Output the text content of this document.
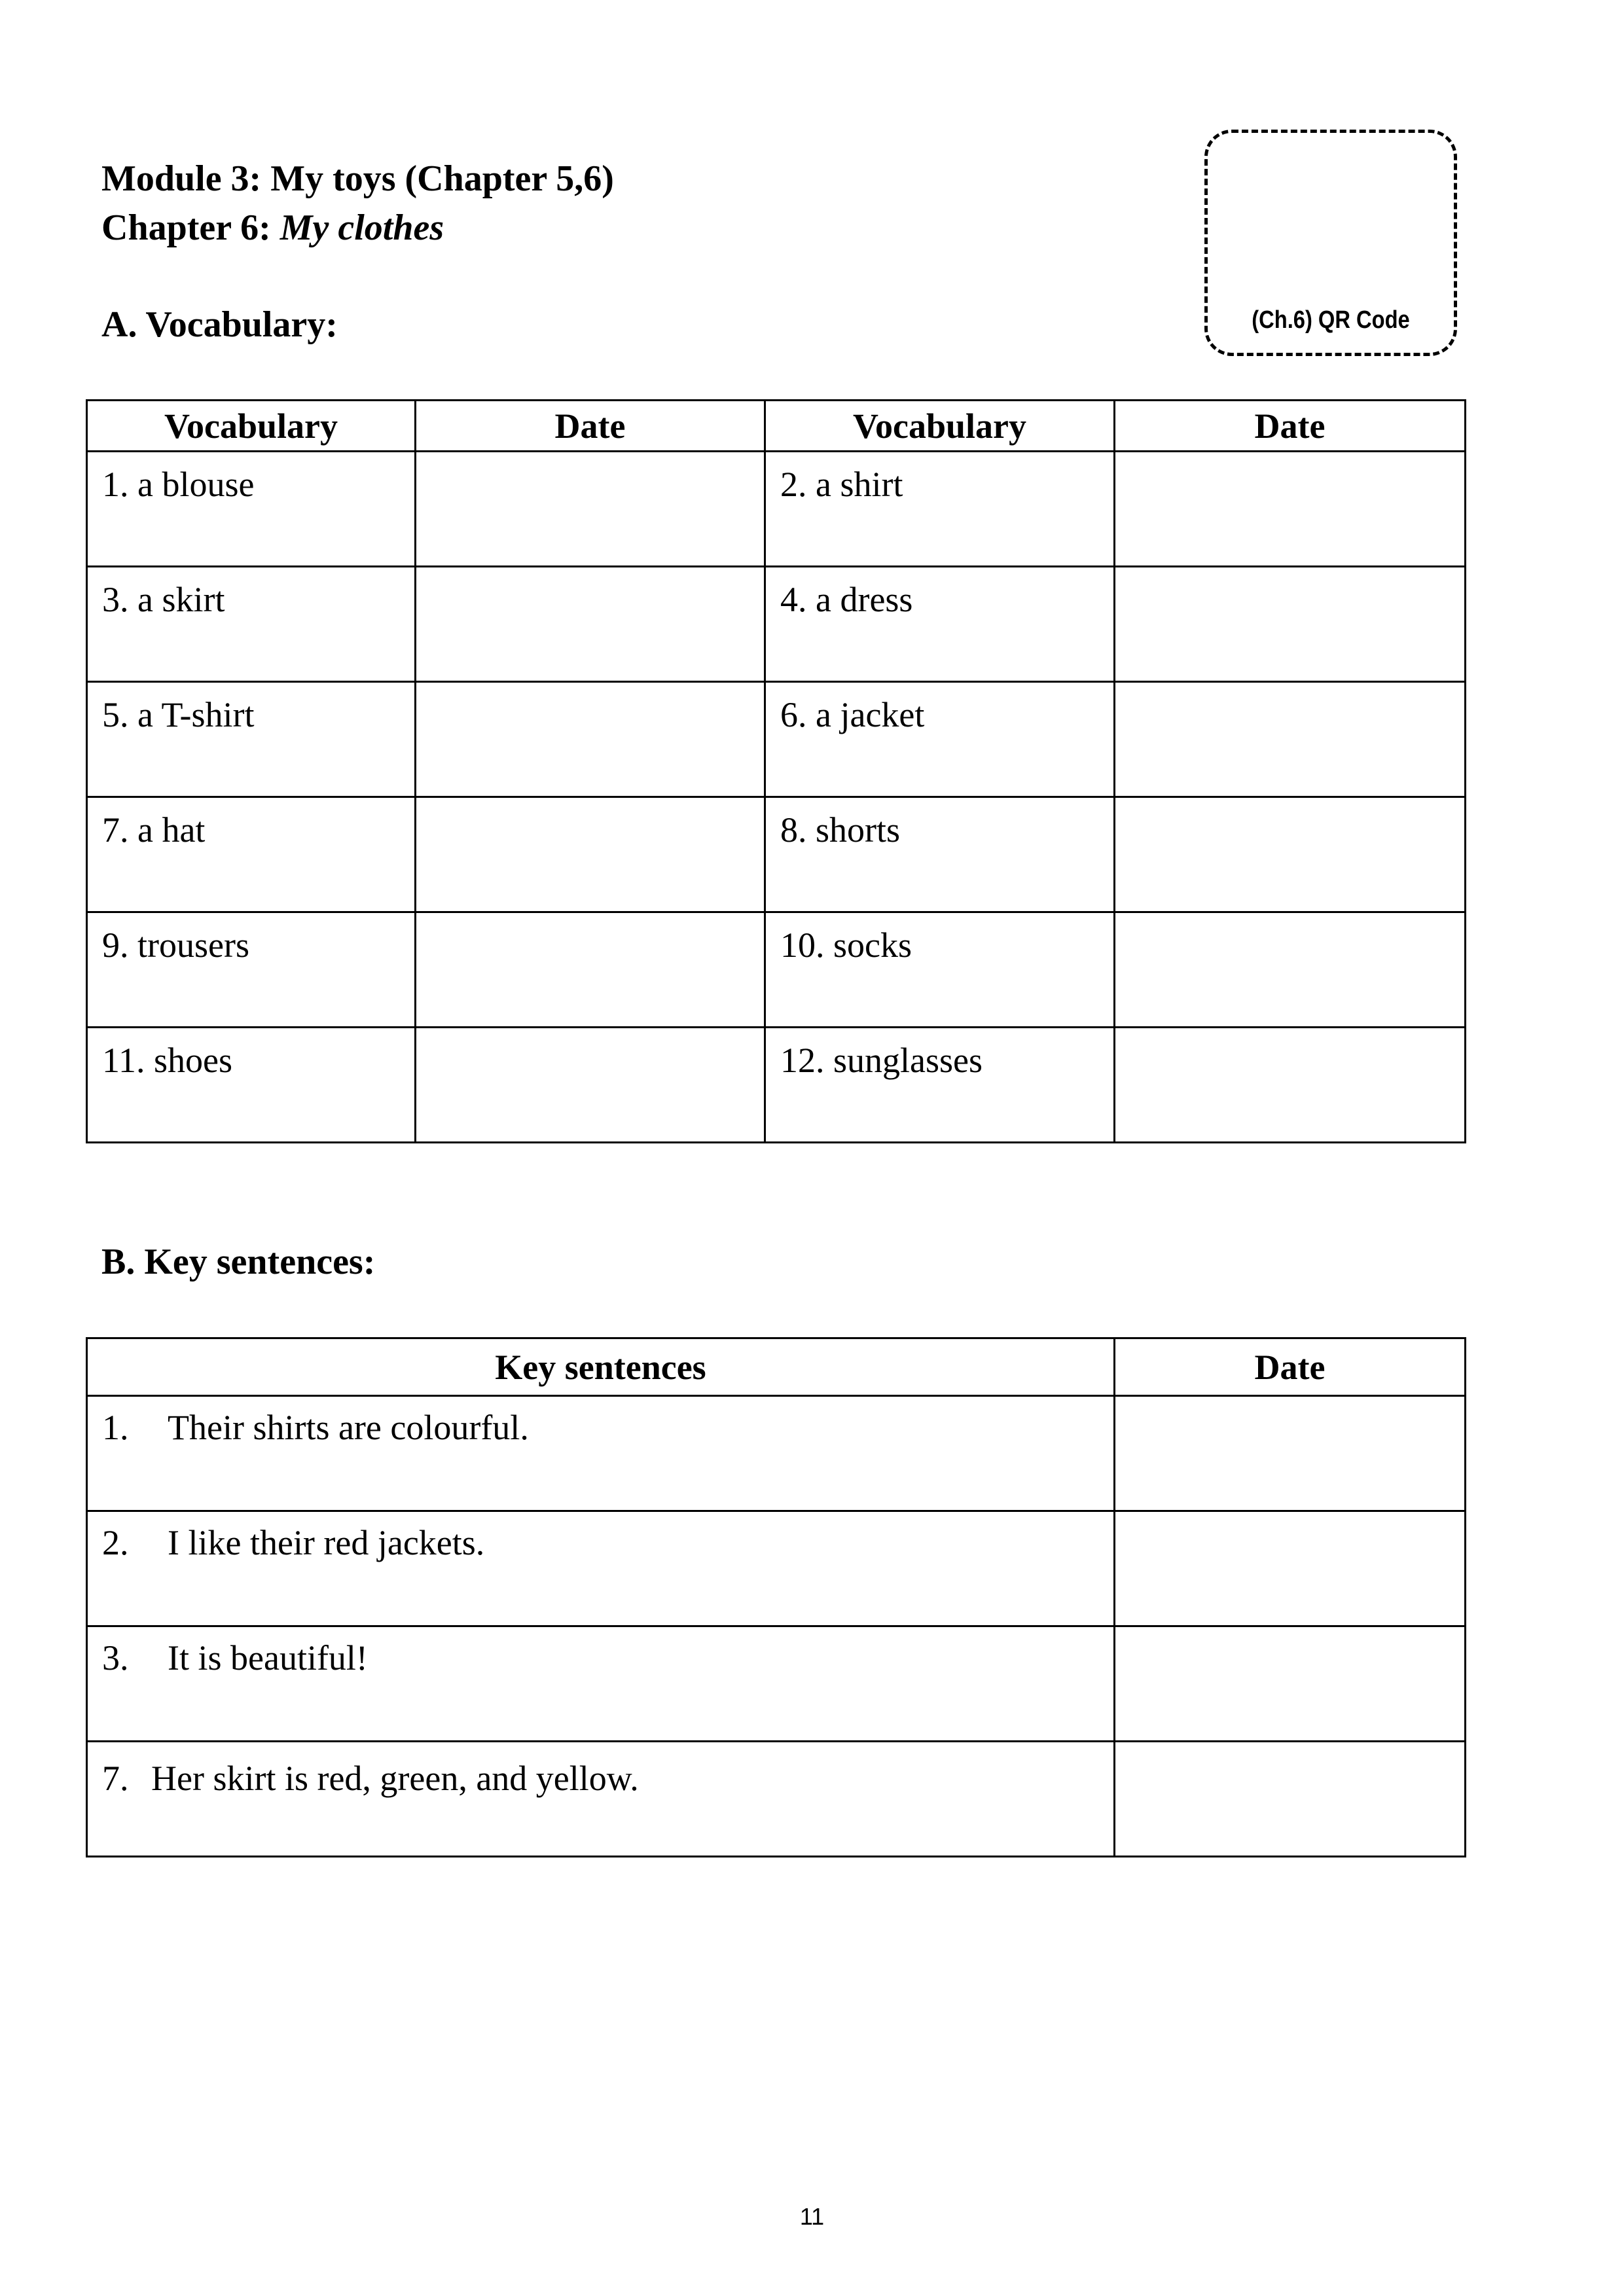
Module 3: My toys (Chapter 5,6)
Chapter 6: My clothes
A. Vocabulary:	(Ch.6) QR Code
Vocabulary	Date	Vocabulary	Date

1. a blouse		2. a shirt	

3. a skirt		4. a dress	

5. a T-shirt		6. a jacket	

7. a hat		8. shorts	

9. trousers		10. socks	

11. shoes		12. sunglasses	

B. Key sentences:
Key sentences	Date

1. Their shirts are colourful.	

2. I like their red jackets.	

3. It is beautiful!	

7. Her skirt is red, green, and yellow.	

11
